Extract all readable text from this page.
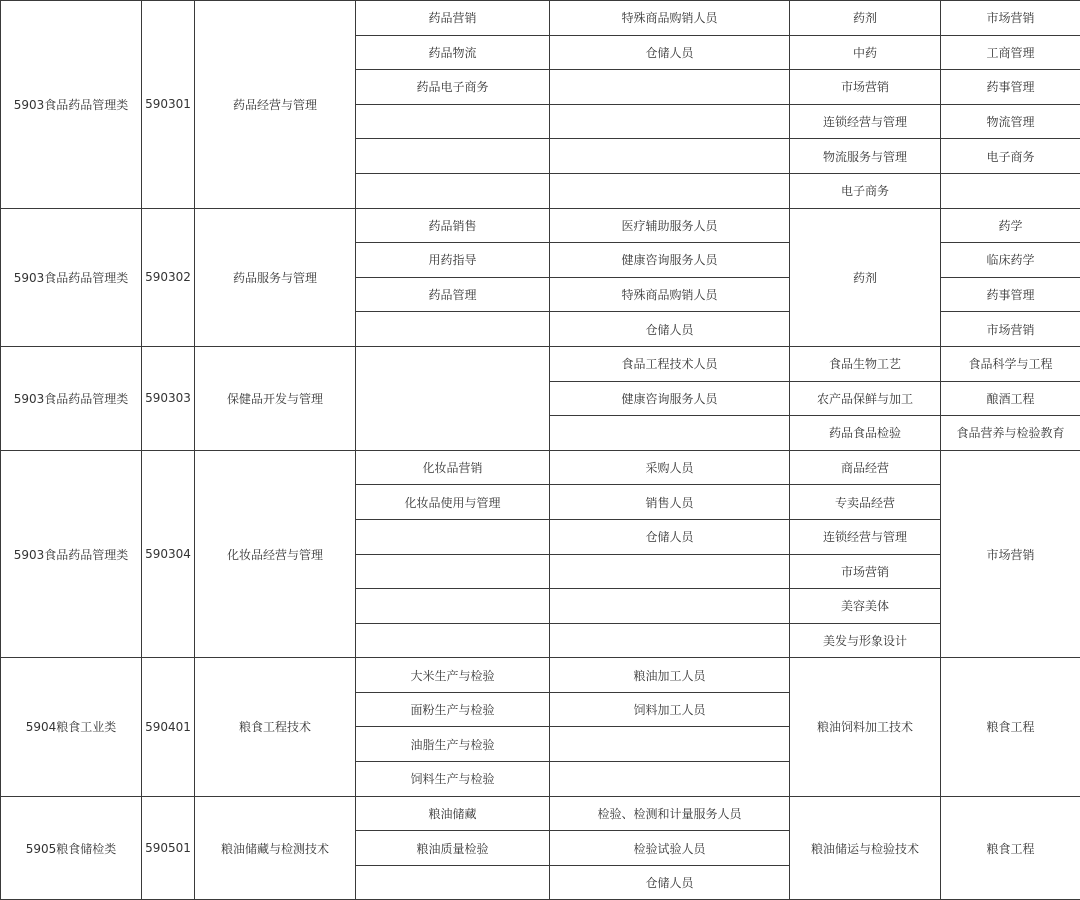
5903食品药品管理类	590301	药品经营与管理	药品营销	特殊商品购销人员	药剂	市场营销
			药品物流	仓储人员	中药	工商管理
			药品电子商务		市场营销	药事管理
					连锁经营与管理	物流管理
					物流服务与管理	电子商务
					电子商务	
5903食品药品管理类	590302	药品服务与管理	药品销售	医疗辅助服务人员	药剂	药学
			用药指导	健康咨询服务人员		临床药学
			药品管理	特殊商品购销人员		药事管理
				仓储人员		市场营销
5903食品药品管理类	590303	保健品开发与管理		食品工程技术人员	食品生物工艺	食品科学与工程
				健康咨询服务人员	农产品保鲜与加工	酿酒工程
					药品食品检验	食品营养与检验教育
5903食品药品管理类	590304	化妆品经营与管理	化妆品营销	采购人员	商品经营	市场营销
			化妆品使用与管理	销售人员	专卖品经营	
				仓储人员	连锁经营与管理	
					市场营销	
					美容美体	
					美发与形象设计	
5904粮食工业类	590401	粮食工程技术	大米生产与检验	粮油加工人员	粮油饲料加工技术	粮食工程
			面粉生产与检验	饲料加工人员		
			油脂生产与检验			
			饲料生产与检验			
5905粮食储检类	590501	粮油储藏与检测技术	粮油储藏	检验、检测和计量服务人员	粮油储运与检验技术	粮食工程
			粮油质量检验	检验试验人员		
				仓储人员		
